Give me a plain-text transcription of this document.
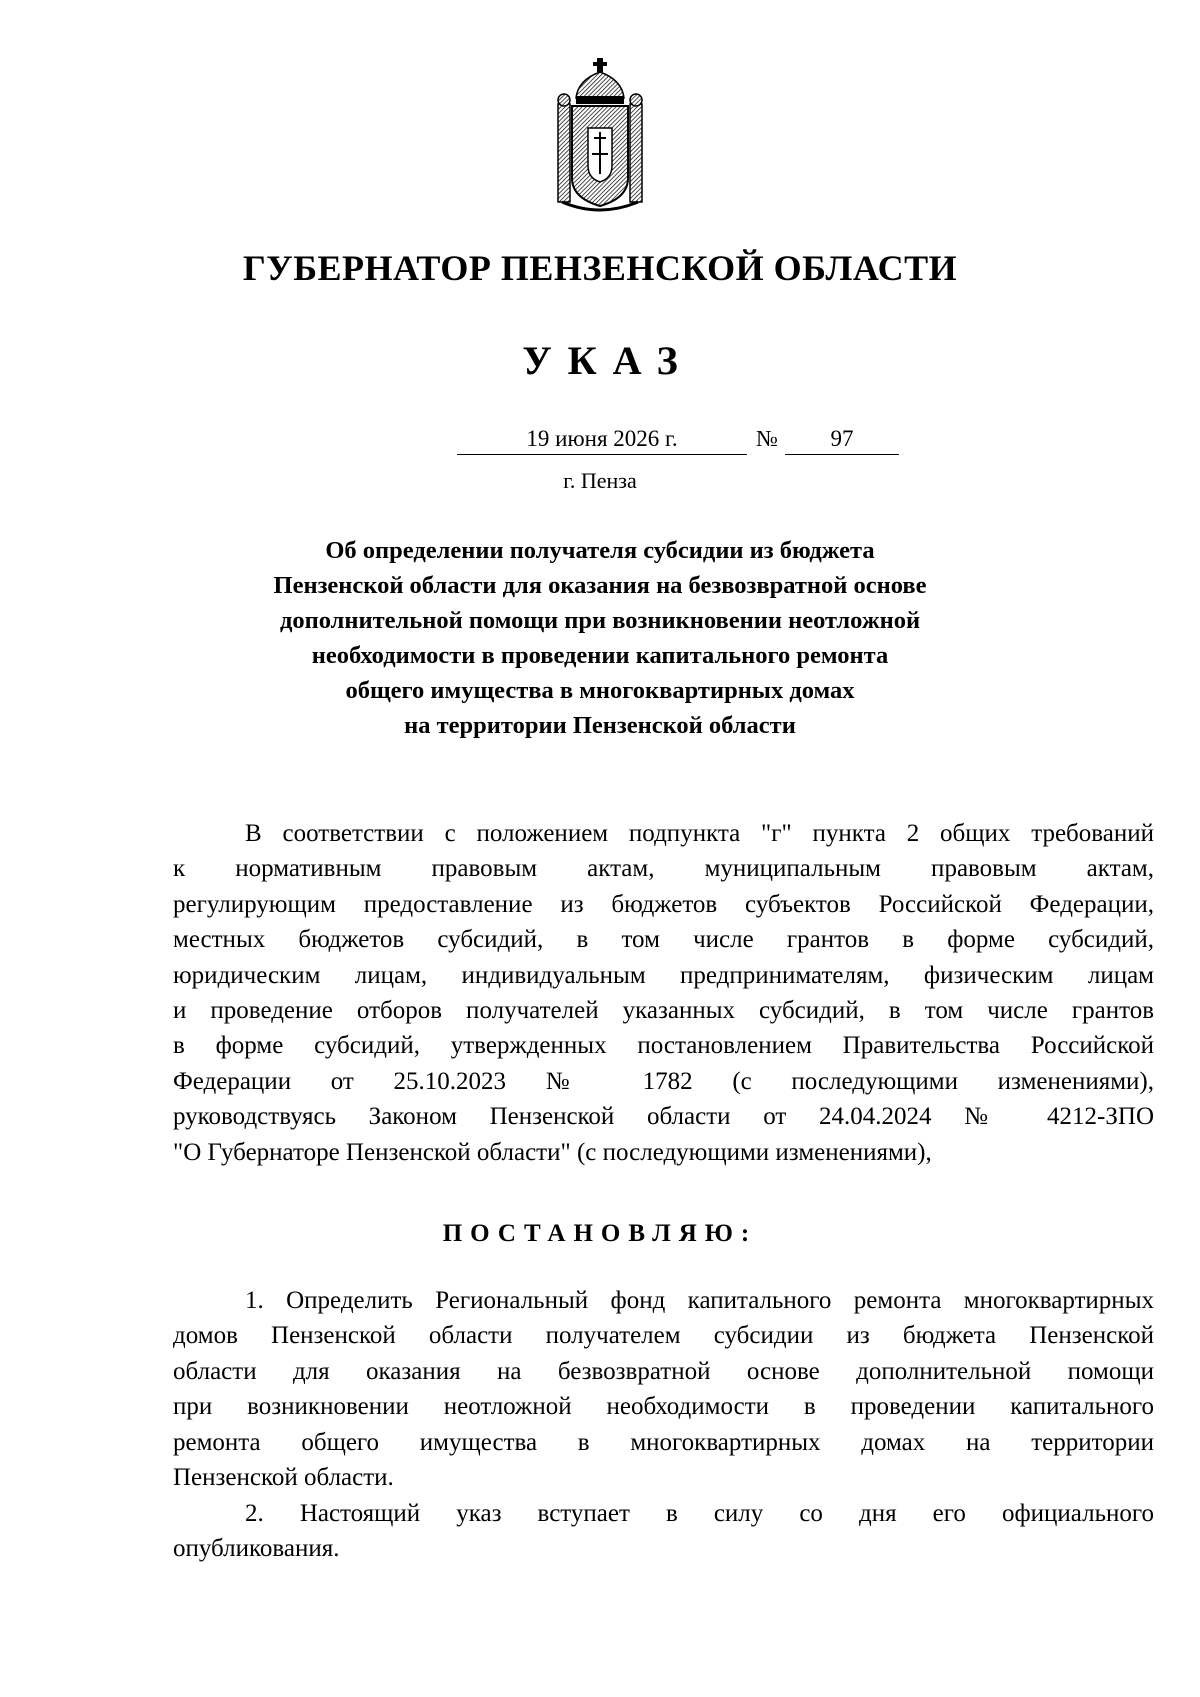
ГУБЕРНАТОР ПЕНЗЕНСКОЙ ОБЛАСТИ
УКАЗ
19 июня 2026 г.	№	97
г. Пенза
Об определении получателя субсидии из бюджета
Пензенской области для оказания на безвозвратной основе
дополнительной помощи при возникновении неотложной
необходимости в проведении капитального ремонта
общего имущества в многоквартирных домах
на территории Пензенской области
В соответствии с положением подпункта "г" пункта 2 общих требований
к нормативным правовым актам, муниципальным правовым актам,
регулирующим предоставление из бюджетов субъектов Российской Федерации,
местных бюджетов субсидий, в том числе грантов в форме субсидий,
юридическим лицам, индивидуальным предпринимателям, физическим лицам
и проведение отборов получателей указанных субсидий, в том числе грантов
в форме субсидий, утвержденных постановлением Правительства Российской
Федерации от 25.10.2023 № 1782 (с последующими изменениями),
руководствуясь Законом Пензенской области от 24.04.2024 № 4212-ЗПО
"О Губернаторе Пензенской области" (с последующими изменениями),
ПОСТАНОВЛЯЮ:
1. Определить Региональный фонд капитального ремонта многоквартирных
домов Пензенской области получателем субсидии из бюджета Пензенской
области для оказания на безвозвратной основе дополнительной помощи
при возникновении неотложной необходимости в проведении капитального
ремонта общего имущества в многоквартирных домах на территории
Пензенской области.
2. Настоящий указ вступает в силу со дня его официального
опубликования.
